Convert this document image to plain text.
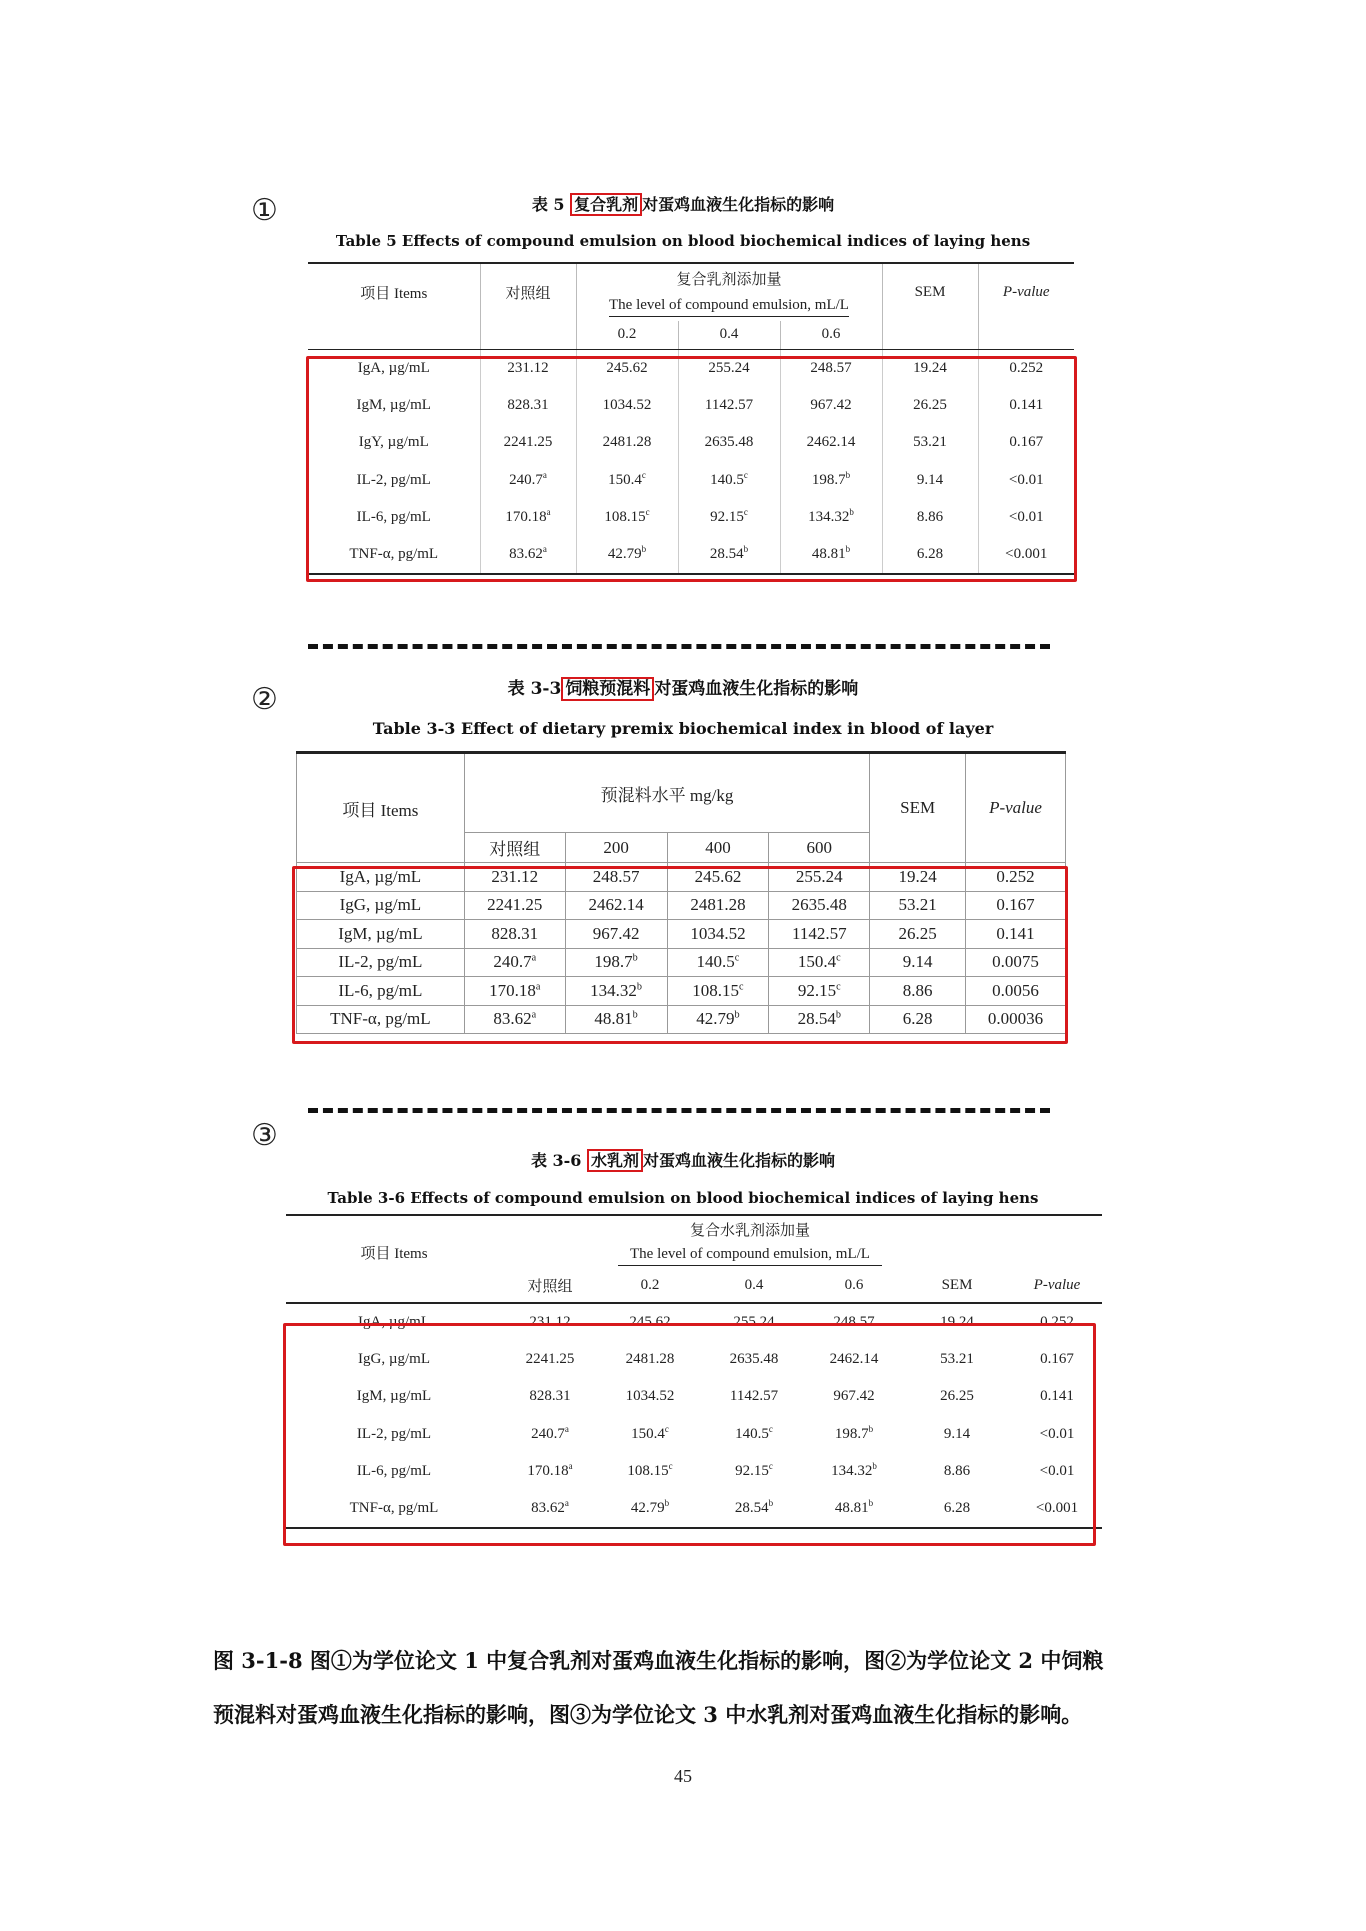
①	表 5 复合乳剂 对蛋鸡血液生化指标的影响
Table 5 Effects of compound emulsion on blood biochemical indices of laying hens
项目 Items	对照组	复合乳剂添加量			SEM	P-value
		The level of compound emulsion, mL/L				
		0.2	0.4	0.6		
IgA, µg/mL	231.12	245.62	255.24	248.57	19.24	0.252
IgM, µg/mL	828.31	1034.52	1142.57	967.42	26.25	0.141
IgY, µg/mL	2241.25	2481.28	2635.48	2462.14	53.21	0.167
IL-2, pg/mL	240.7$^a$	150.4$^c$	140.5$^c$	198.7$^b$	9.14	<0.01
IL-6, pg/mL	170.18$^a$	108.15$^c$	92.15$^c$	134.32$^b$	8.86	<0.01
TNF-α, pg/mL	83.62$^a$	42.79$^b$	28.54$^b$	48.81$^b$	6.28	<0.001
②	表 3-3 饲粮预混料 对蛋鸡血液生化指标的影响
Table 3-3 Effect of dietary premix biochemical index in blood of layer
项目 Items	预混料水平 mg/kg				SEM	P-value
	对照组	200	400	600		
IgA, µg/mL	231.12	248.57	245.62	255.24	19.24	0.252
IgG, µg/mL	2241.25	2462.14	2481.28	2635.48	53.21	0.167
IgM, µg/mL	828.31	967.42	1034.52	1142.57	26.25	0.141
IL-2, pg/mL	240.7$^a$	198.7$^b$	140.5$^c$	150.4$^c$	9.14	0.0075
IL-6, pg/mL	170.18$^a$	134.32$^b$	108.15$^c$	92.15$^c$	8.86	0.0056
TNF-α, pg/mL	83.62$^a$	48.81$^b$	42.79$^b$	28.54$^b$	6.28	0.00036
③
表 3-6 水乳剂 对蛋鸡血液生化指标的影响
Table 3-6 Effects of compound emulsion on blood biochemical indices of laying hens
项目 Items		复合水乳剂添加量				
		The level of compound emulsion, mL/L				
	对照组	0.2	0.4	0.6	SEM	P-value
IgA, µg/mL	231.12	245.62	255.24	248.57	19.24	0.252
IgG, µg/mL	2241.25	2481.28	2635.48	2462.14	53.21	0.167
IgM, µg/mL	828.31	1034.52	1142.57	967.42	26.25	0.141
IL-2, pg/mL	240.7$^a$	150.4$^c$	140.5$^c$	198.7$^b$	9.14	<0.01
IL-6, pg/mL	170.18$^a$	108.15$^c$	92.15$^c$	134.32$^b$	8.86	<0.01
TNF-α, pg/mL	83.62$^a$	42.79$^b$	28.54$^b$	48.81$^b$	6.28	<0.001
图 3-1-8 图①为学位论文 1 中复合乳剂对蛋鸡血液生化指标的影响，图②为学位论文 2 中饲粮
预混料对蛋鸡血液生化指标的影响，图③为学位论文 3 中水乳剂对蛋鸡血液生化指标的影响。
45
